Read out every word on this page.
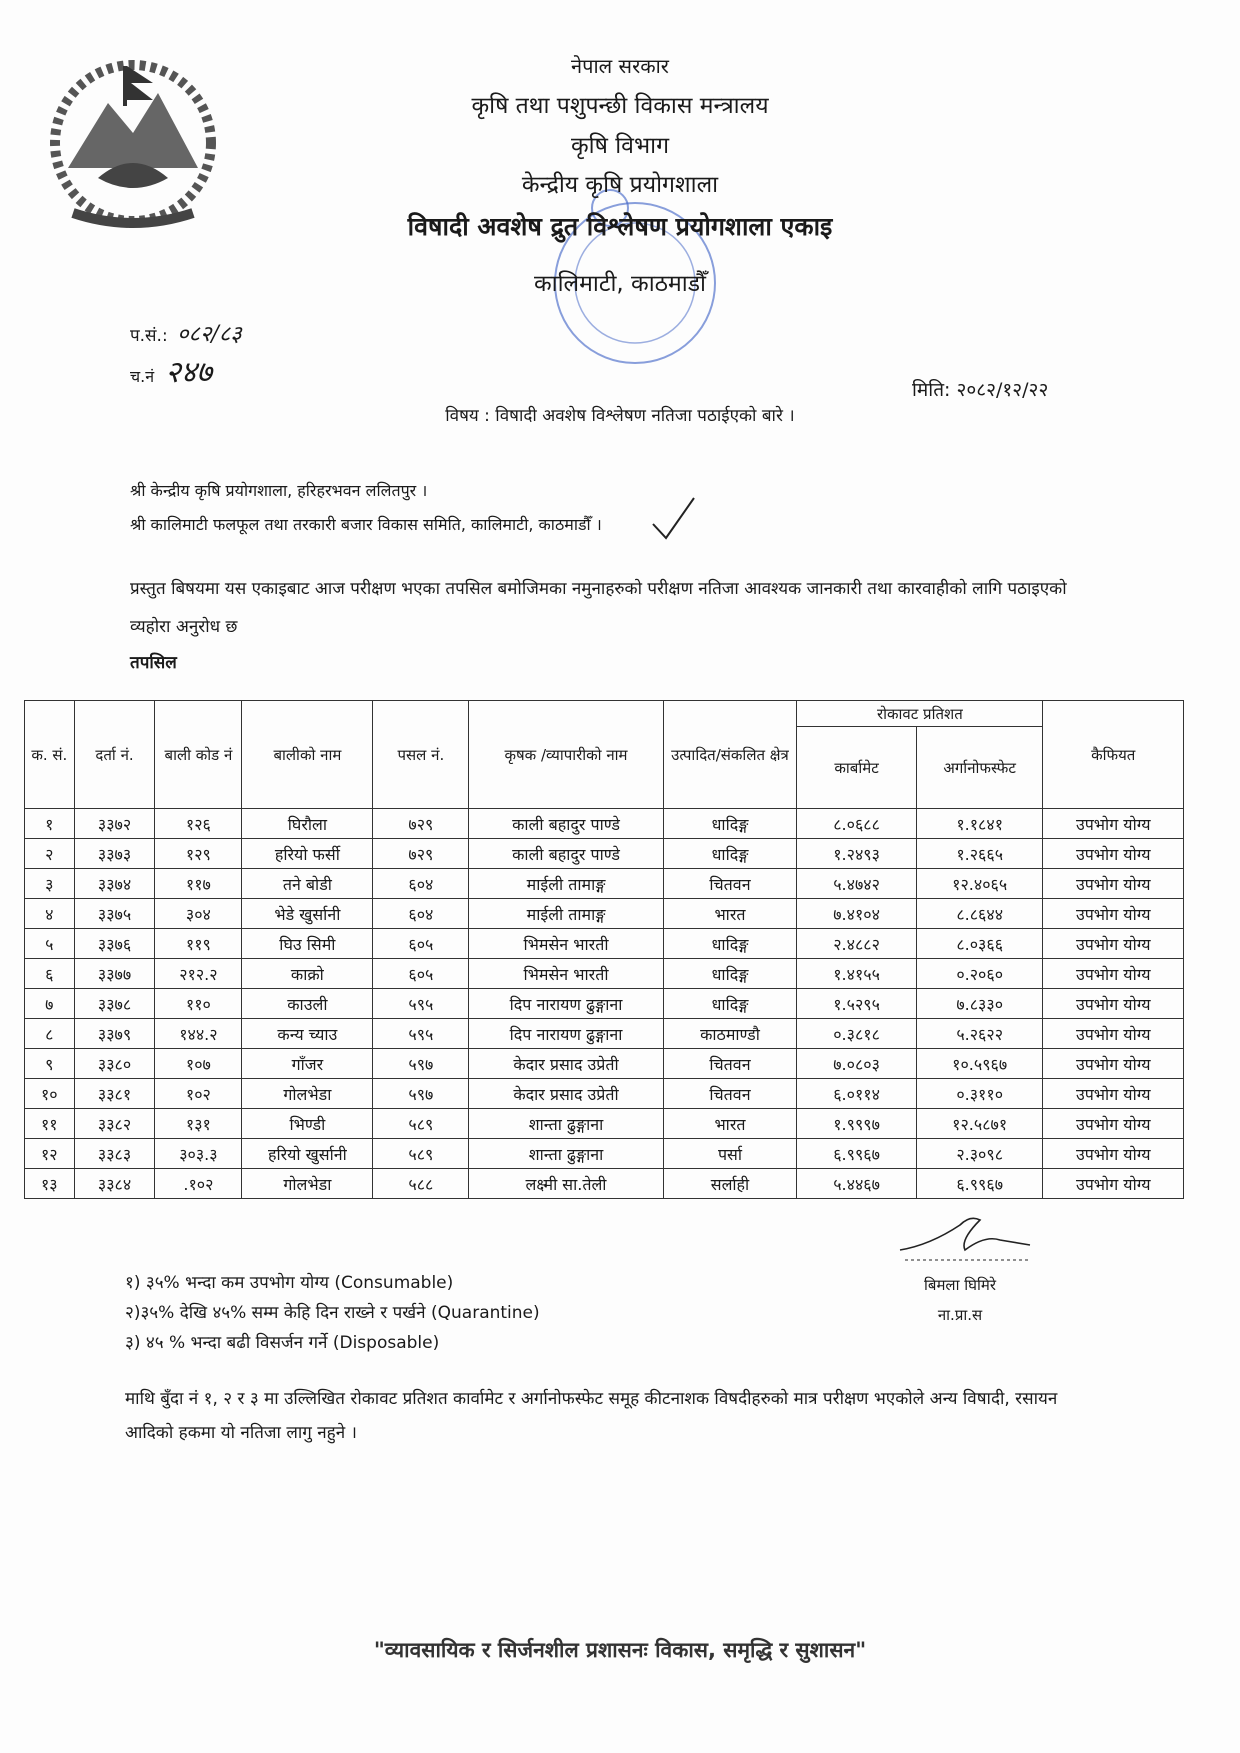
नेपाल सरकार
कृषि तथा पशुपन्छी विकास मन्त्रालय
कृषि विभाग
केन्द्रीय कृषि प्रयोगशाला
विषादी अवशेष द्रुत विश्लेषण प्रयोगशाला एकाइ
कालिमाटी, काठमाडौँ
प.सं.: ०८२/८३
च.नं २४७	मिति: २०८२/१२/२२
विषय : विषादी अवशेष विश्लेषण नतिजा पठाईएको बारे ।
श्री केन्द्रीय कृषि प्रयोगशाला, हरिहरभवन ललितपुर ।
श्री कालिमाटी फलफूल तथा तरकारी बजार विकास समिति, कालिमाटी, काठमाडौँ ।
प्रस्तुत बिषयमा यस एकाइबाट आज परीक्षण भएका तपसिल बमोजिमका नमुनाहरुको परीक्षण नतिजा आवश्यक जानकारी तथा कारवाहीको लागि पठाइएको व्यहोरा अनुरोध छ
तपसिल
क. सं.	दर्ता नं.	बाली कोड नं	बालीको नाम	पसल नं.	कृषक /व्यापारीको नाम	उत्पादित/संकलित क्षेत्र	रोकावट प्रतिशत		कैफियत
							कार्बामेट	अर्गानोफस्फेट	
१	३३७२	१२६	घिरौला	७२९	काली बहादुर पाण्डे	धादिङ्ग	८.०६८८	१.१८४१	उपभोग योग्य
२	३३७३	१२९	हरियो फर्सी	७२९	काली बहादुर पाण्डे	धादिङ्ग	१.२४९३	१.२६६५	उपभोग योग्य
३	३३७४	११७	तने बोडी	६०४	माईली तामाङ्ग	चितवन	५.४७४२	१२.४०६५	उपभोग योग्य
४	३३७५	३०४	भेडे खुर्सानी	६०४	माईली तामाङ्ग	भारत	७.४१०४	८.८६४४	उपभोग योग्य
५	३३७६	११९	घिउ सिमी	६०५	भिमसेन भारती	धादिङ्ग	२.४८८२	८.०३६६	उपभोग योग्य
६	३३७७	२१२.२	काक्रो	६०५	भिमसेन भारती	धादिङ्ग	१.४१५५	०.२०६०	उपभोग योग्य
७	३३७८	११०	काउली	५९५	दिप नारायण ढुङ्गाना	धादिङ्ग	१.५२९५	७.८३३०	उपभोग योग्य
८	३३७९	१४४.२	कन्य च्याउ	५९५	दिप नारायण ढुङ्गाना	काठमाण्डौ	०.३८१८	५.२६२२	उपभोग योग्य
९	३३८०	१०७	गाँजर	५९७	केदार प्रसाद उप्रेती	चितवन	७.०८०३	१०.५९६७	उपभोग योग्य
१०	३३८१	१०२	गोलभेडा	५९७	केदार प्रसाद उप्रेती	चितवन	६.०११४	०.३११०	उपभोग योग्य
११	३३८२	१३१	भिण्डी	५८९	शान्ता ढुङ्गाना	भारत	१.९९९७	१२.५८७१	उपभोग योग्य
१२	३३८३	३०३.३	हरियो खुर्सानी	५८९	शान्ता ढुङ्गाना	पर्सा	६.९९६७	२.३०९८	उपभोग योग्य
१३	३३८४	.१०२	गोलभेडा	५८८	लक्ष्मी सा.तेली	सर्लाही	५.४४६७	६.९९६७	उपभोग योग्य
१) ३५% भन्दा कम उपभोग योग्य (Consumable)
२)३५% देखि ४५% सम्म केहि दिन राख्ने र पर्खने (Quarantine)
३) ४५ % भन्दा बढी विसर्जन गर्ने (Disposable)
बिमला घिमिरे
ना.प्रा.स
माथि बुँदा नं १, २ र ३ मा उल्लिखित रोकावट प्रतिशत कार्वामेट र अर्गानोफस्फेट समूह कीटनाशक विषदीहरुको मात्र परीक्षण भएकोले अन्य विषादी, रसायन आदिको हकमा यो नतिजा लागु नहुने ।
"व्यावसायिक र सिर्जनशील प्रशासनः विकास, समृद्धि र सुशासन"
